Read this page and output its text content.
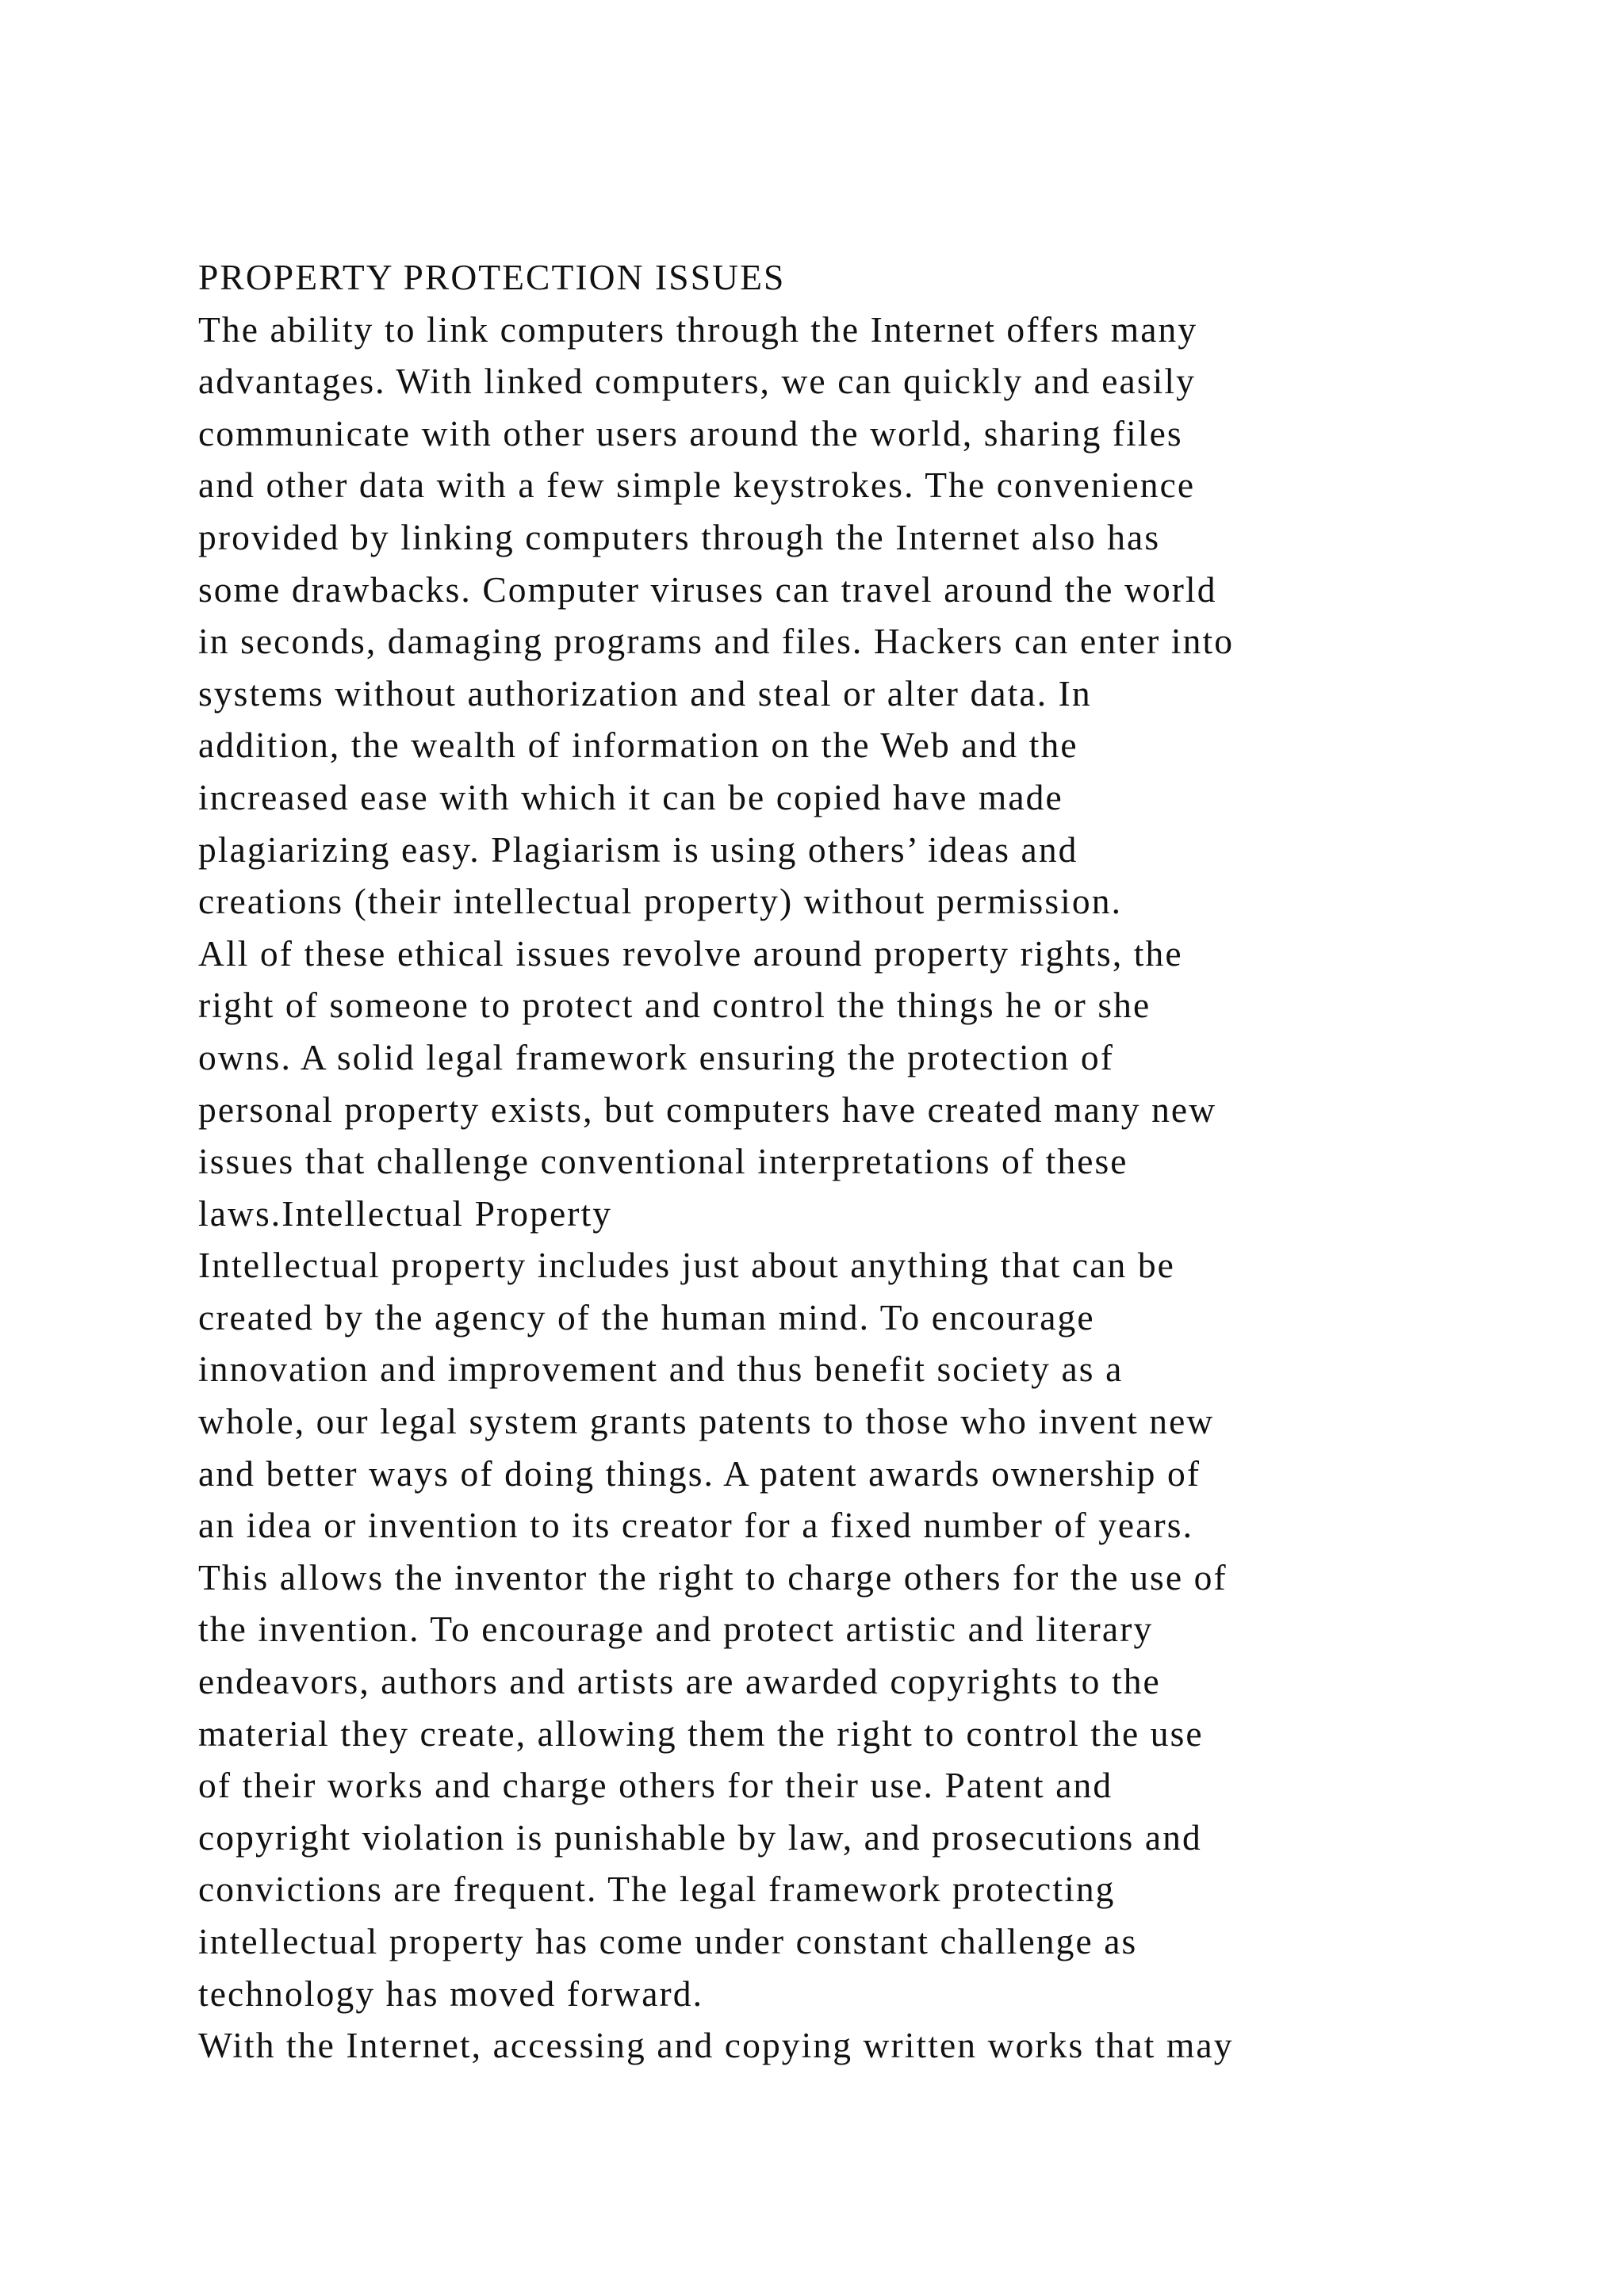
PROPERTY PROTECTION ISSUES
The ability to link computers through the Internet offers many
advantages. With linked computers, we can quickly and easily
communicate with other users around the world, sharing files
and other data with a few simple keystrokes. The convenience
provided by linking computers through the Internet also has
some drawbacks. Computer viruses can travel around the world
in seconds, damaging programs and files. Hackers can enter into
systems without authorization and steal or alter data. In
addition, the wealth of information on the Web and the
increased ease with which it can be copied have made
plagiarizing easy. Plagiarism is using others’ ideas and
creations (their intellectual property) without permission.
All of these ethical issues revolve around property rights, the
right of someone to protect and control the things he or she
owns. A solid legal framework ensuring the protection of
personal property exists, but computers have created many new
issues that challenge conventional interpretations of these
laws.Intellectual Property
Intellectual property includes just about anything that can be
created by the agency of the human mind. To encourage
innovation and improvement and thus benefit society as a
whole, our legal system grants patents to those who invent new
and better ways of doing things. A patent awards ownership of
an idea or invention to its creator for a fixed number of years.
This allows the inventor the right to charge others for the use of
the invention. To encourage and protect artistic and literary
endeavors, authors and artists are awarded copyrights to the
material they create, allowing them the right to control the use
of their works and charge others for their use. Patent and
copyright violation is punishable by law, and prosecutions and
convictions are frequent. The legal framework protecting
intellectual property has come under constant challenge as
technology has moved forward.
With the Internet, accessing and copying written works that may
